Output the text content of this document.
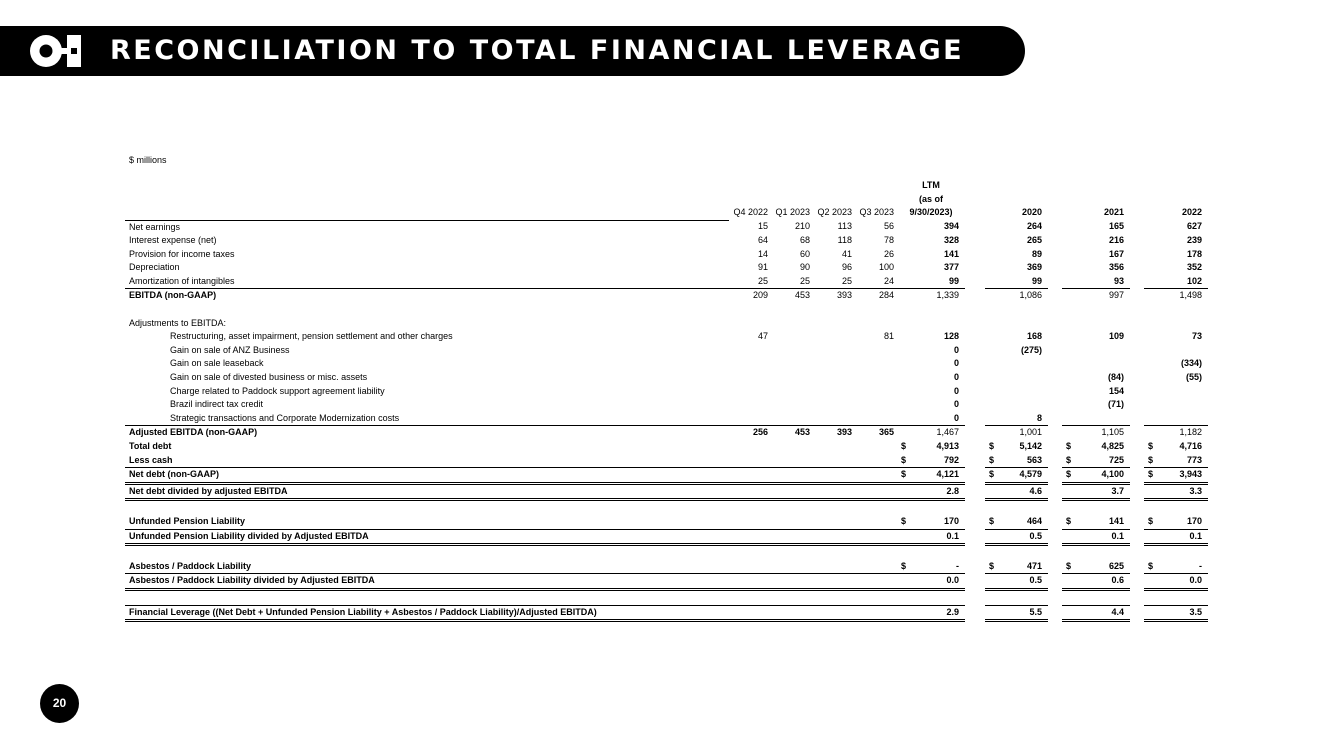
RECONCILIATION TO TOTAL FINANCIAL LEVERAGE
$ millions
	Q4 2022	Q1 2023	Q2 2023	Q3 2023	LTM
(as of
9/30/2023)			2020			2021			2022	
Net earnings	15	210	113	56		394			264			165			627
Interest expense (net)	64	68	118	78		328			265			216			239
Provision for income taxes	14	60	41	26		141			89			167			178
Depreciation	91	90	96	100		377			369			356			352
Amortization of intangibles	25	25	25	24		99			99			93			102
EBITDA (non-GAAP)	209	453	393	284		1,339			1,086			997			1,498

Adjustments to EBITDA:															
Restructuring, asset impairment, pension settlement and other charges	47			81		128			168			109			73
Gain on sale of ANZ Business						0			(275)						
Gain on sale leaseback						0									(334)
Gain on sale of divested business or misc. assets						0						(84)			(55)
Charge related to Paddock support agreement liability						0						154			
Brazil indirect tax credit						0						(71)			
Strategic transactions and Corporate Modernization costs						0			8						
Adjusted EBITDA (non-GAAP)	256	453	393	365		1,467			1,001			1,105			1,182
Total debt					$	4,913		$	5,142		$	4,825		$	4,716
Less cash					$	792		$	563		$	725		$	773
Net debt (non-GAAP)					$	4,121		$	4,579		$	4,100		$	3,943
Net debt divided by adjusted EBITDA						2.8			4.6			3.7			3.3

Unfunded Pension Liability					$	170		$	464		$	141		$	170
Unfunded Pension Liability divided by Adjusted EBITDA						0.1			0.5			0.1			0.1

Asbestos / Paddock Liability					$	-		$	471		$	625		$	-
Asbestos / Paddock Liability divided by Adjusted EBITDA						0.0			0.5			0.6			0.0

Financial Leverage ((Net Debt + Unfunded Pension Liability + Asbestos / Paddock Liability)/Adjusted EBITDA)						2.9			5.5			4.4			3.5
20
